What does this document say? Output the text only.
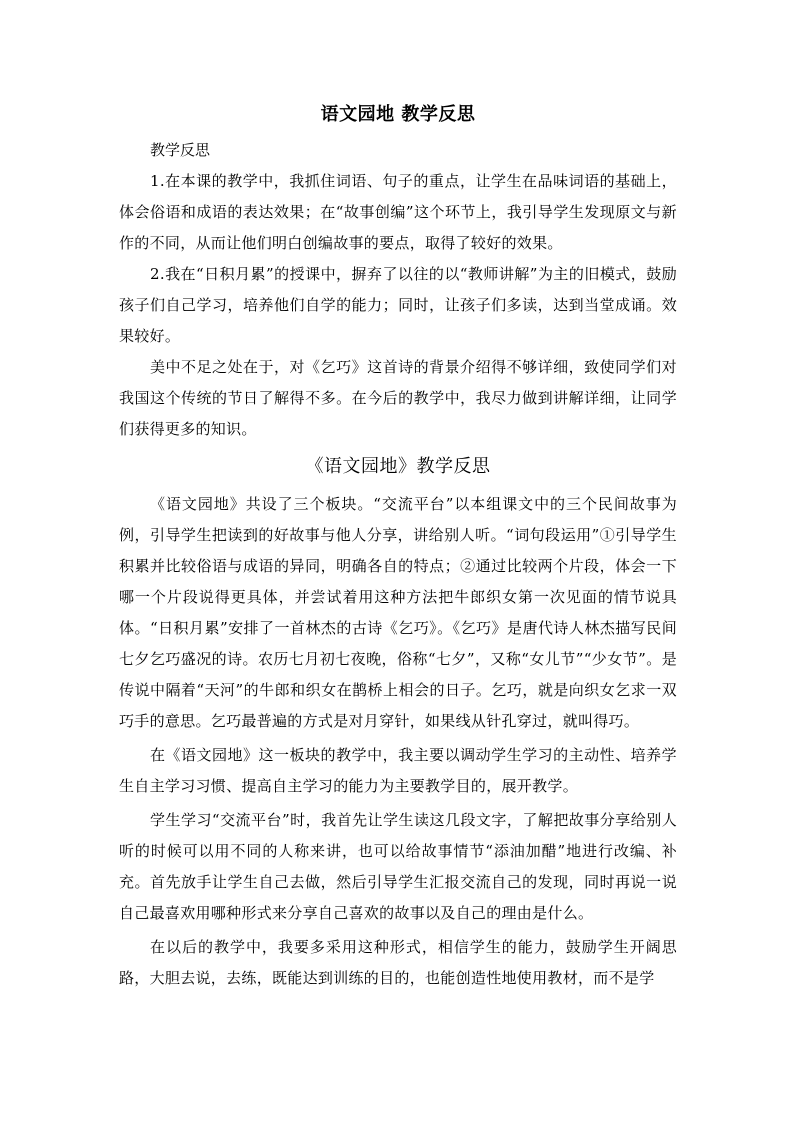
语文园地 教学反思

教学反思

1.在本课的教学中，我抓住词语、句子的重点，让学生在品味词语的基础上，体会俗语和成语的表达效果；在“故事创编”这个环节上，我引导学生发现原文与新作的不同，从而让他们明白创编故事的要点，取得了较好的效果。

2.我在“日积月累”的授课中，摒弃了以往的以“教师讲解”为主的旧模式，鼓励孩子们自己学习，培养他们自学的能力；同时，让孩子们多读，达到当堂成诵。效果较好。

美中不足之处在于，对《乞巧》这首诗的背景介绍得不够详细，致使同学们对我国这个传统的节日了解得不多。在今后的教学中，我尽力做到讲解详细，让同学们获得更多的知识。

《语文园地》教学反思

《语文园地》共设了三个板块。“交流平台”以本组课文中的三个民间故事为例，引导学生把读到的好故事与他人分享，讲给别人听。“词句段运用”①引导学生积累并比较俗语与成语的异同，明确各自的特点；②通过比较两个片段，体会一下哪一个片段说得更具体，并尝试着用这种方法把牛郎织女第一次见面的情节说具体。“日积月累”安排了一首林杰的古诗《乞巧》。《乞巧》是唐代诗人林杰描写民间七夕乞巧盛况的诗。农历七月初七夜晚，俗称“七夕”，又称“女儿节”“少女节”。是传说中隔着“天河”的牛郎和织女在鹊桥上相会的日子。乞巧，就是向织女乞求一双巧手的意思。乞巧最普遍的方式是对月穿针，如果线从针孔穿过，就叫得巧。

在《语文园地》这一板块的教学中，我主要以调动学生学习的主动性、培养学生自主学习习惯、提高自主学习的能力为主要教学目的，展开教学。

学生学习“交流平台”时，我首先让学生读这几段文字，了解把故事分享给别人听的时候可以用不同的人称来讲，也可以给故事情节“添油加醋”地进行改编、补充。首先放手让学生自己去做，然后引导学生汇报交流自己的发现，同时再说一说自己最喜欢用哪种形式来分享自己喜欢的故事以及自己的理由是什么。

在以后的教学中，我要多采用这种形式，相信学生的能力，鼓励学生开阔思路，大胆去说，去练，既能达到训练的目的，也能创造性地使用教材，而不是学
